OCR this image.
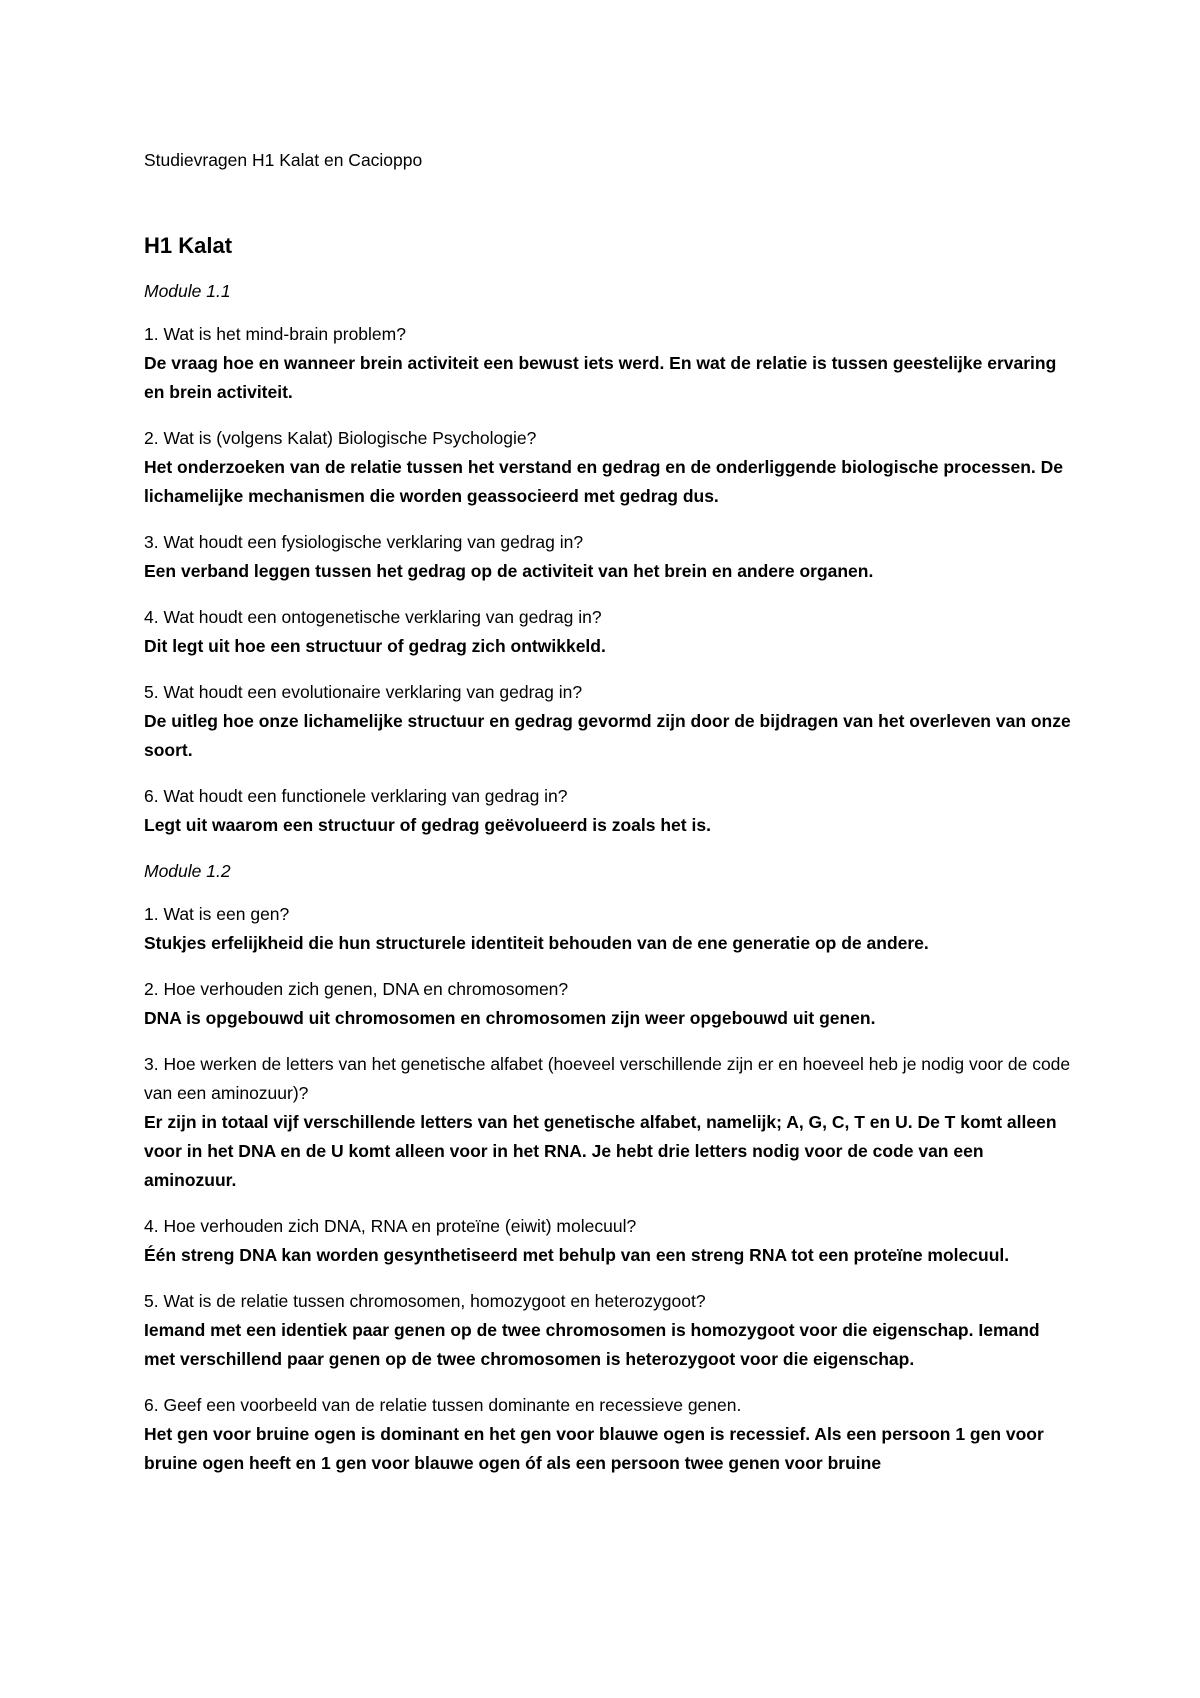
Studievragen H1 Kalat en Cacioppo

H1 Kalat

Module 1.1

1. Wat is het mind-brain problem?

De vraag hoe en wanneer brein activiteit een bewust iets werd. En wat de relatie is tussen geestelijke ervaring en brein activiteit.

2. Wat is (volgens Kalat) Biologische Psychologie?

Het onderzoeken van de relatie tussen het verstand en gedrag en de onderliggende biologische processen. De lichamelijke mechanismen die worden geassocieerd met gedrag dus.

3. Wat houdt een fysiologische verklaring van gedrag in?

Een verband leggen tussen het gedrag op de activiteit van het brein en andere organen.

4. Wat houdt een ontogenetische verklaring van gedrag in?

Dit legt uit hoe een structuur of gedrag zich ontwikkeld.

5. Wat houdt een evolutionaire verklaring van gedrag in?

De uitleg hoe onze lichamelijke structuur en gedrag gevormd zijn door de bijdragen van het overleven van onze soort.

6. Wat houdt een functionele verklaring van gedrag in?

Legt uit waarom een structuur of gedrag geëvolueerd is zoals het is.

Module 1.2

1. Wat is een gen?

Stukjes erfelijkheid die hun structurele identiteit behouden van de ene generatie op de andere.

2. Hoe verhouden zich genen, DNA en chromosomen?

DNA is opgebouwd uit chromosomen en chromosomen zijn weer opgebouwd uit genen.

3. Hoe werken de letters van het genetische alfabet (hoeveel verschillende zijn er en hoeveel heb je nodig voor de code van een aminozuur)?

Er zijn in totaal vijf verschillende letters van het genetische alfabet, namelijk; A, G, C, T en U. De T komt alleen voor in het DNA en de U komt alleen voor in het RNA. Je hebt drie letters nodig voor de code van een aminozuur.

4. Hoe verhouden zich DNA, RNA en proteïne (eiwit) molecuul?

Één streng DNA kan worden gesynthetiseerd met behulp van een streng RNA tot een proteïne molecuul.

5. Wat is de relatie tussen chromosomen, homozygoot en heterozygoot?

Iemand met een identiek paar genen op de twee chromosomen is homozygoot voor die eigenschap. Iemand met verschillend paar genen op de twee chromosomen is heterozygoot voor die eigenschap.

6. Geef een voorbeeld van de relatie tussen dominante en recessieve genen.

Het gen voor bruine ogen is dominant en het gen voor blauwe ogen is recessief. Als een persoon 1 gen voor bruine ogen heeft en 1 gen voor blauwe ogen óf als een persoon twee genen voor bruine
